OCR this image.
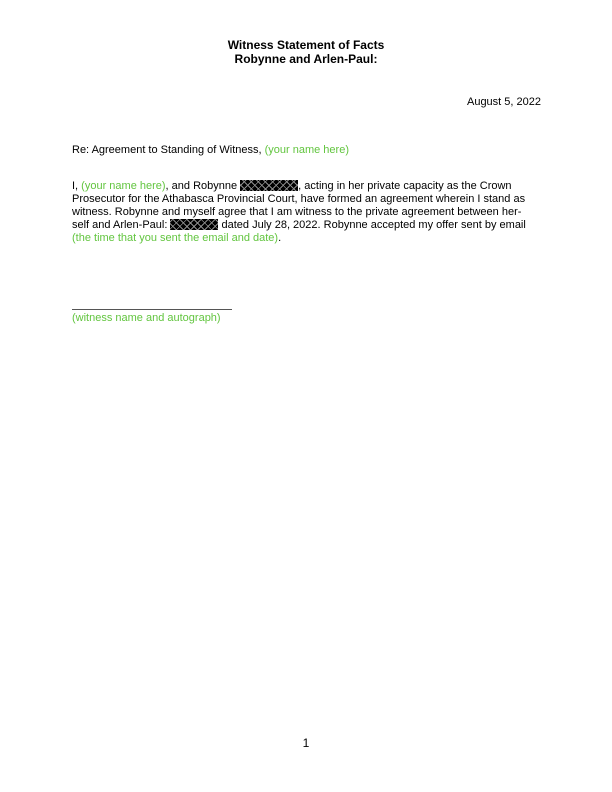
Witness Statement of Facts
Robynne and Arlen-Paul:
August 5, 2022
Re: Agreement to Standing of Witness, (your name here)
I, (your name here), and Robynne	, acting in her private capacity as the Crown
Prosecutor for the Athabasca Provincial Court, have formed an agreement wherein I stand as
witness. Robynne and myself agree that I am witness to the private agreement between her-
self and Arlen-Paul:	dated July 28, 2022. Robynne accepted my offer sent by email
(the time that you sent the email and date).
(witness name and autograph)
1
